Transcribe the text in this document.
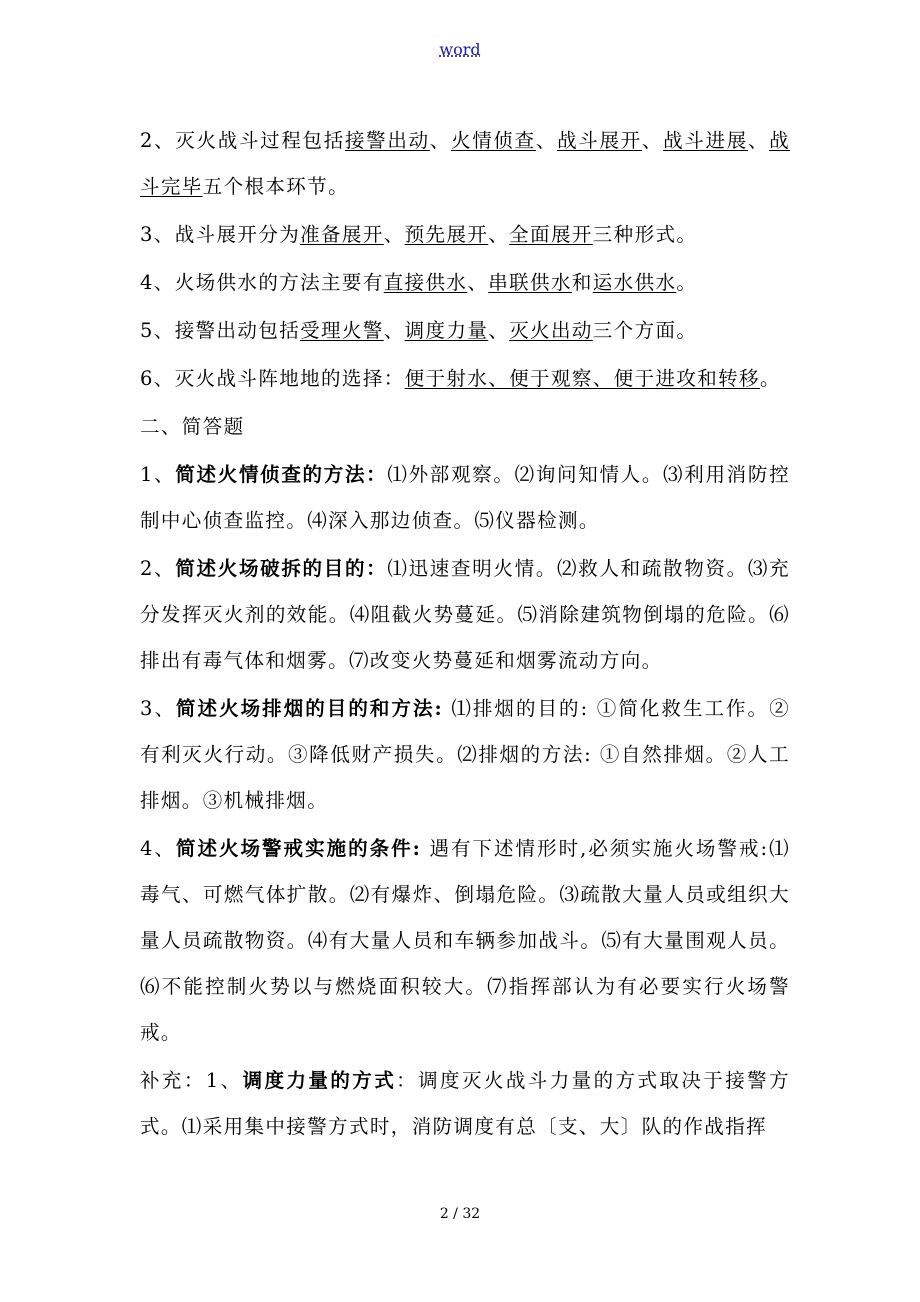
word

2、灭火战斗过程包括接警出动、火情侦查、战斗展开、战斗进展、战斗完毕五个根本环节。

3、战斗展开分为准备展开、预先展开、全面展开三种形式。

4、火场供水的方法主要有直接供水、串联供水和运水供水。

5、接警出动包括受理火警、调度力量、灭火出动三个方面。

6、灭火战斗阵地地的选择：便于射水、便于观察、便于进攻和转移。

二、简答题

1、简述火情侦查的方法：⑴外部观察。⑵询问知情人。⑶利用消防控制中心侦查监控。⑷深入那边侦查。⑸仪器检测。

2、简述火场破拆的目的：⑴迅速查明火情。⑵救人和疏散物资。⑶充分发挥灭火剂的效能。⑷阻截火势蔓延。⑸消除建筑物倒塌的危险。⑹排出有毒气体和烟雾。⑺改变火势蔓延和烟雾流动方向。

3、简述火场排烟的目的和方法: ⑴排烟的目的: ①简化救生工作。②有利灭火行动。③降低财产损失。⑵排烟的方法: ①自然排烟。②人工排烟。③机械排烟。

4、简述火场警戒实施的条件: 遇有下述情形时,必须实施火场警戒:⑴毒气、可燃气体扩散。⑵有爆炸、倒塌危险。⑶疏散大量人员或组织大量人员疏散物资。⑷有大量人员和车辆参加战斗。⑸有大量围观人员。⑹不能控制火势以与燃烧面积较大。⑺指挥部认为有必要实行火场警戒。

补充：1、调度力量的方式：调度灭火战斗力量的方式取决于接警方式。⑴采用集中接警方式时，消防调度有总〔支、大〕队的作战指挥

2 / 32
